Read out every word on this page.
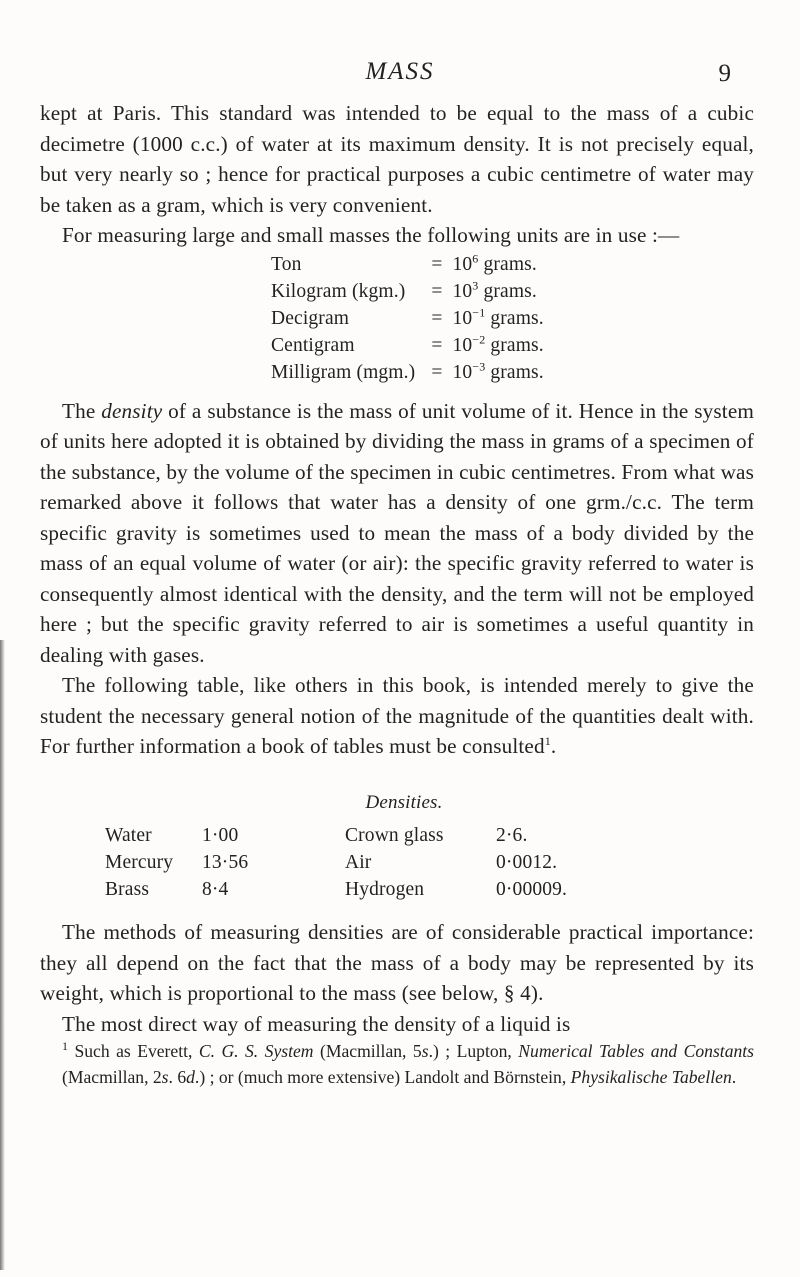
MASS	9

kept at Paris. This standard was intended to be equal to the mass of a cubic decimetre (1000 c.c.) of water at its maximum density. It is not precisely equal, but very nearly so ; hence for practical purposes a cubic centimetre of water may be taken as a gram, which is very convenient.

For measuring large and small masses the following units are in use :—

Ton	=	$10^6$ grams.
Kilogram (kgm.)	=	$10^3$ grams.
Decigram	=	$10^{-1}$ grams.
Centigram	=	$10^{-2}$ grams.
Milligram (mgm.)	=	$10^{-3}$ grams.

The density of a substance is the mass of unit volume of it. Hence in the system of units here adopted it is obtained by dividing the mass in grams of a specimen of the substance, by the volume of the specimen in cubic centimetres. From what was remarked above it follows that water has a density of one grm./c.c. The term specific gravity is sometimes used to mean the mass of a body divided by the mass of an equal volume of water (or air): the specific gravity referred to water is consequently almost identical with the density, and the term will not be employed here ; but the specific gravity referred to air is sometimes a useful quantity in dealing with gases.

The following table, like others in this book, is intended merely to give the student the necessary general notion of the magnitude of the quantities dealt with. For further information a book of tables must be consulted$^1$.

Densities.
Water	1·00	Crown glass	2·6.
Mercury	13·56	Air	0·0012.
Brass	8·4	Hydrogen	0·00009.

The methods of measuring densities are of considerable practical importance: they all depend on the fact that the mass of a body may be represented by its weight, which is proportional to the mass (see below, § 4).

The most direct way of measuring the density of a liquid is

$^1$ Such as Everett, C. G. S. System (Macmillan, 5s.) ; Lupton, Numerical Tables and Constants (Macmillan, 2s. 6d.) ; or (much more extensive) Landolt and Börnstein, Physikalische Tabellen.
